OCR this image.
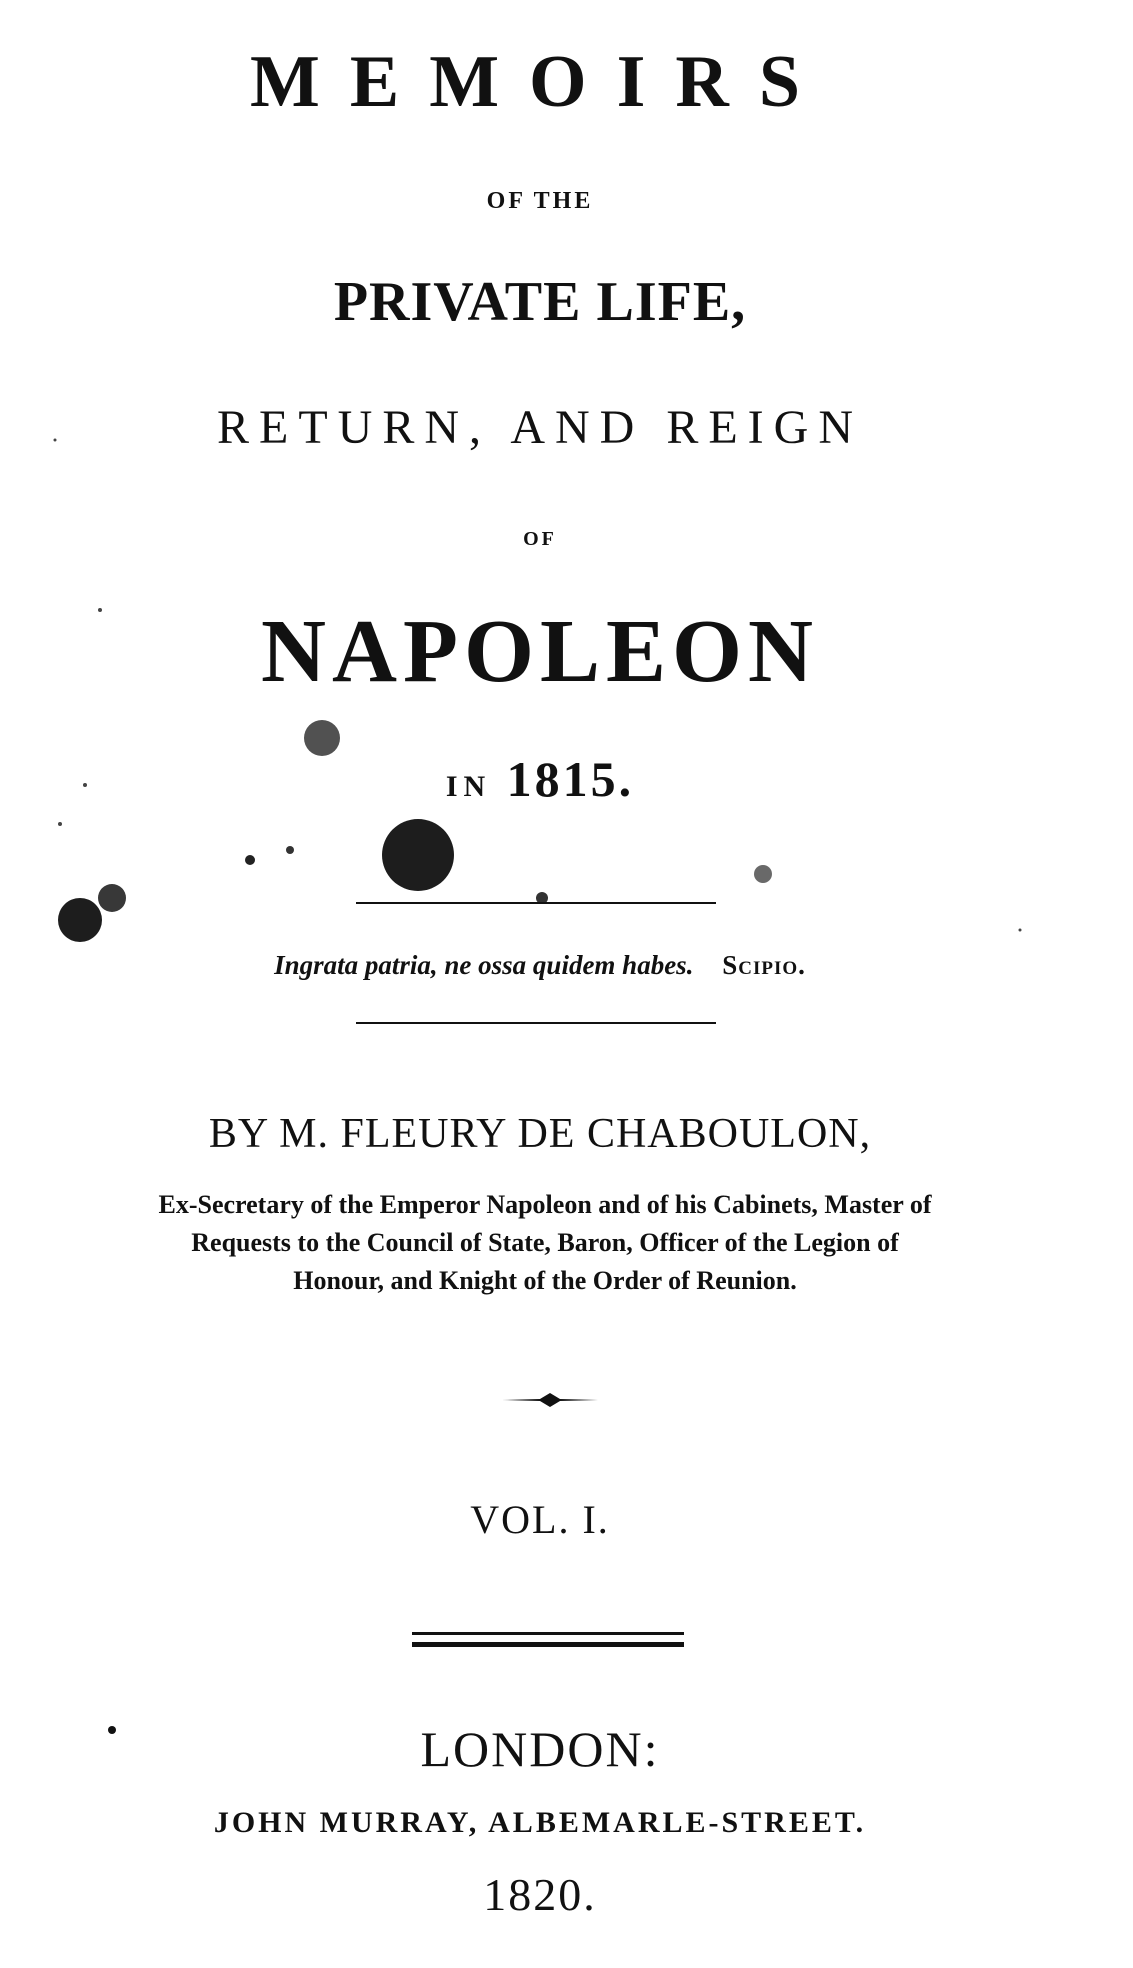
MEMOIRS
OF THE
PRIVATE LIFE,
RETURN, AND REIGN
OF
NAPOLEON
IN 1815.
Ingrata patria, ne ossa quidem habes. Scipio.
BY M. FLEURY DE CHABOULON,
Ex-Secretary of the Emperor Napoleon and of his Cabinets, Master of
Requests to the Council of State, Baron, Officer of the Legion of
Honour, and Knight of the Order of Reunion.
VOL. I.
LONDON:
JOHN MURRAY, ALBEMARLE-STREET.
1820.
